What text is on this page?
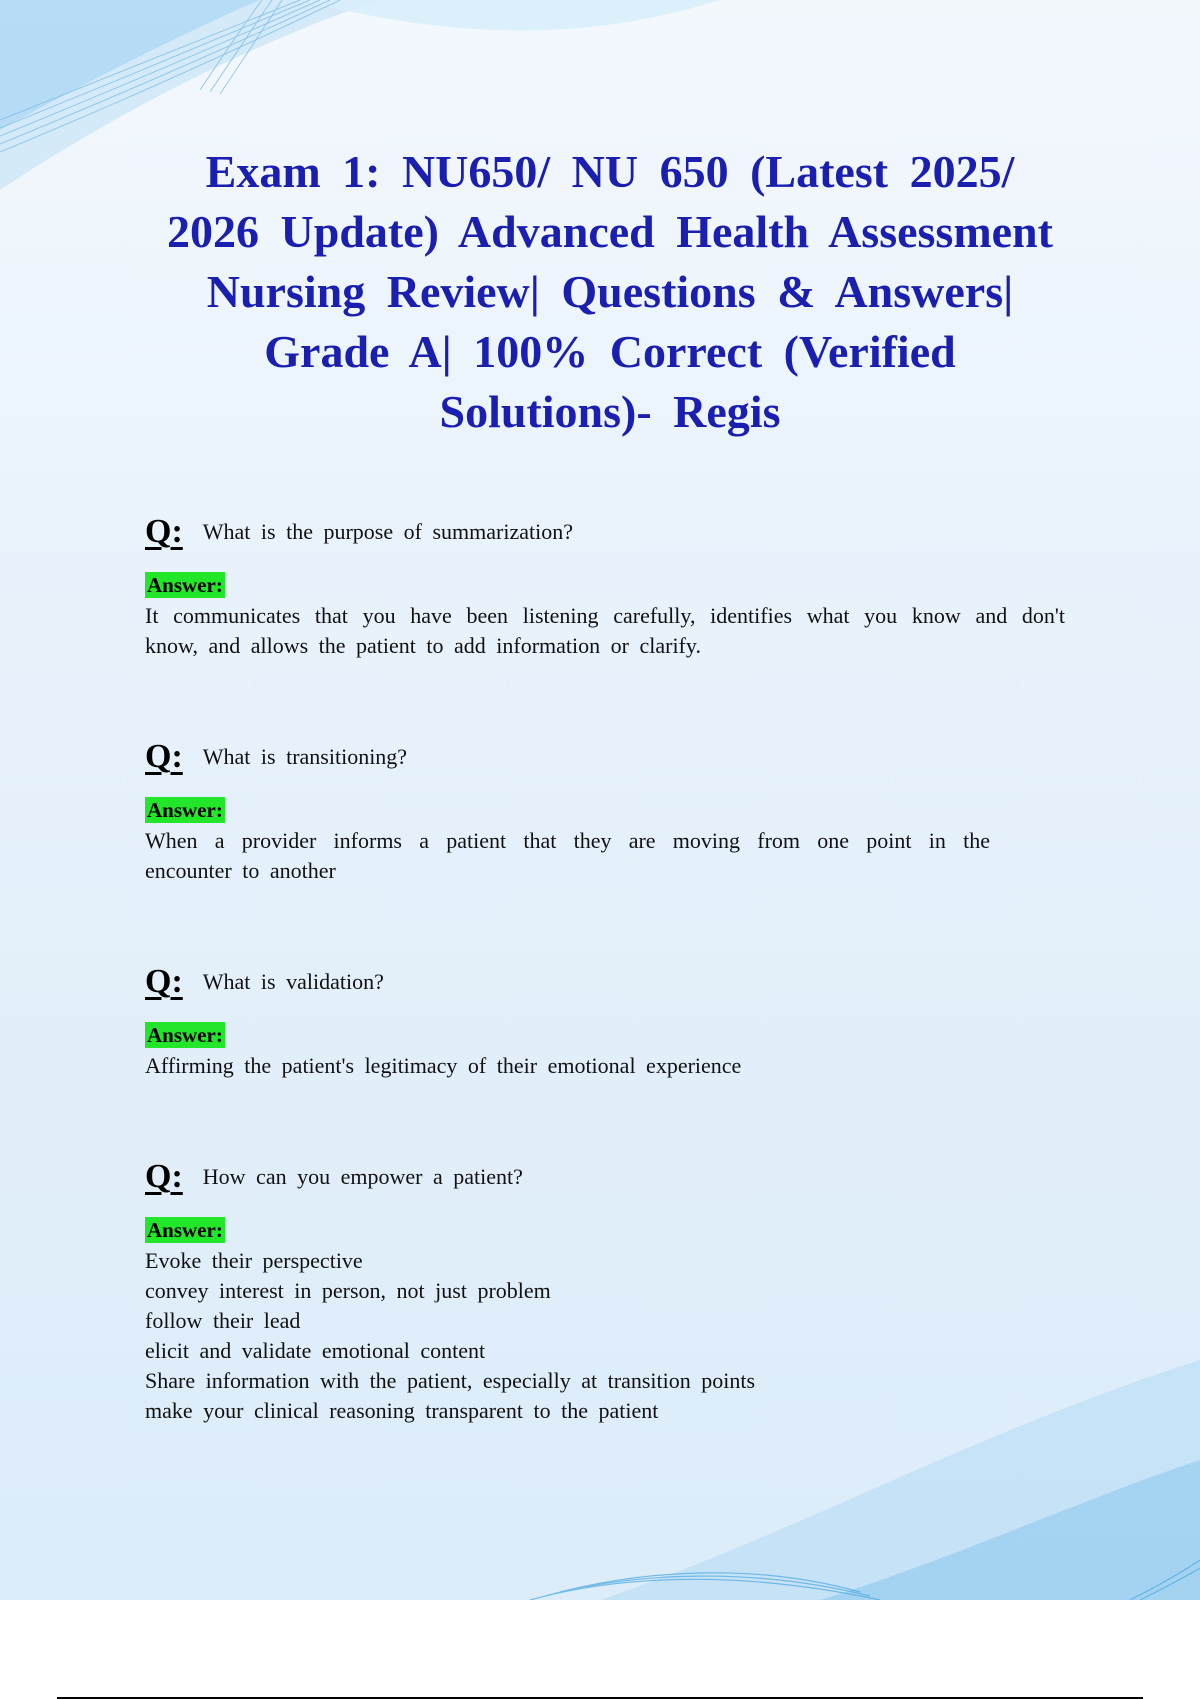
Exam 1: NU650/ NU 650 (Latest 2025/ 2026 Update) Advanced Health Assessment Nursing Review| Questions & Answers| Grade A| 100% Correct (Verified Solutions)- Regis
Q: What is the purpose of summarization?
Answer:
It communicates that you have been listening carefully, identifies what you know and don't know, and allows the patient to add information or clarify.
Q: What is transitioning?
Answer:
When a provider informs a patient that they are moving from one point in the encounter to another
Q: What is validation?
Answer:
Affirming the patient's legitimacy of their emotional experience
Q: How can you empower a patient?
Answer:
Evoke their perspective
convey interest in person, not just problem
follow their lead
elicit and validate emotional content
Share information with the patient, especially at transition points
make your clinical reasoning transparent to the patient
